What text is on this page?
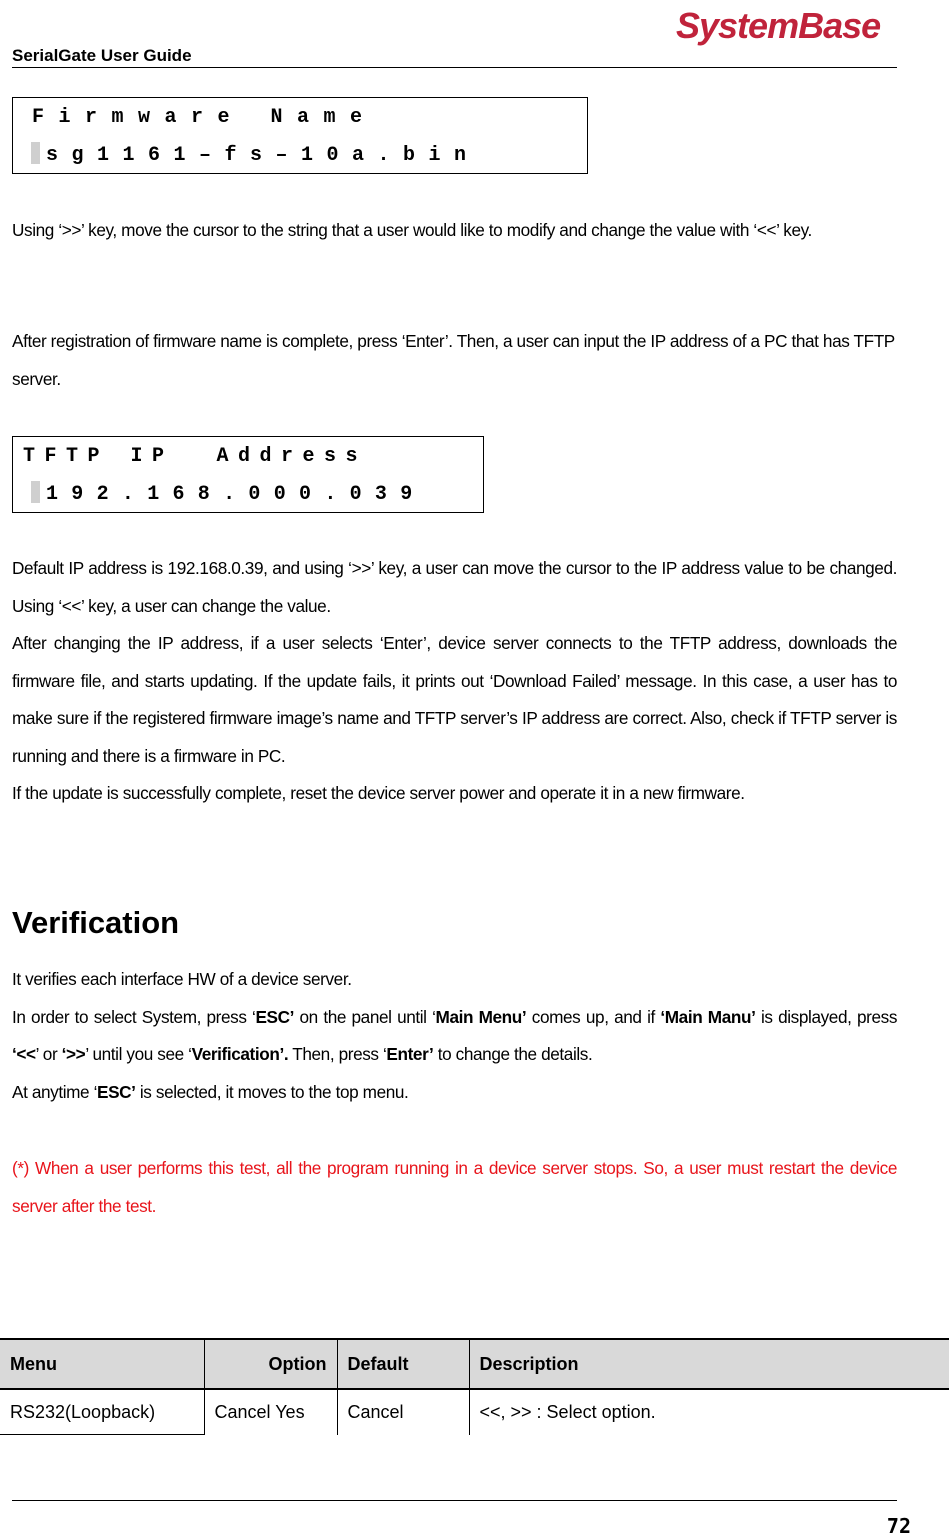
SerialGate User Guide
SystemBase
Firmware Name
sg1161–fs–10a.bin

Using ‘>>’ key, move the cursor to the string that a user would like to modify and change the value with ‘<<’ key.

After registration of firmware name is complete, press ‘Enter’. Then, a user can input the IP address of a PC that has TFTP server.

TFTP IP  Address
192.168.000.039

Default IP address is 192.168.0.39, and using ‘>>’ key, a user can move the cursor to the IP address value to be changed.　Using ‘<<’ key, a user can change the value.

After changing the IP address, if a user selects ‘Enter’, device server connects to the TFTP address, downloads the firmware file, and starts updating. If the update fails, it prints out ‘Download Failed’ message. In this case, a user has to make sure if the registered firmware image’s name and TFTP server’s IP address are correct. Also, check if TFTP server is running and there is a firmware in PC.

If the update is successfully complete, reset the device server power and operate it in a new firmware.

Verification

It verifies each interface HW of a device server.

In order to select System, press ‘ESC’ on the panel until ‘Main Menu’ comes up, and if ‘Main Manu’ is displayed, press ‘<<’ or ‘>>’ until you see ‘Verification’. Then, press ‘Enter’ to change the details.

At anytime ‘ESC’ is selected, it moves to the top menu.

(*) When a user performs this test, all the program running in a device server stops. So, a user must restart the device server after the test.

Menu	Option	Default	Description
RS232(Loopback)	Cancel Yes	Cancel	<<, >> : Select option.
72
